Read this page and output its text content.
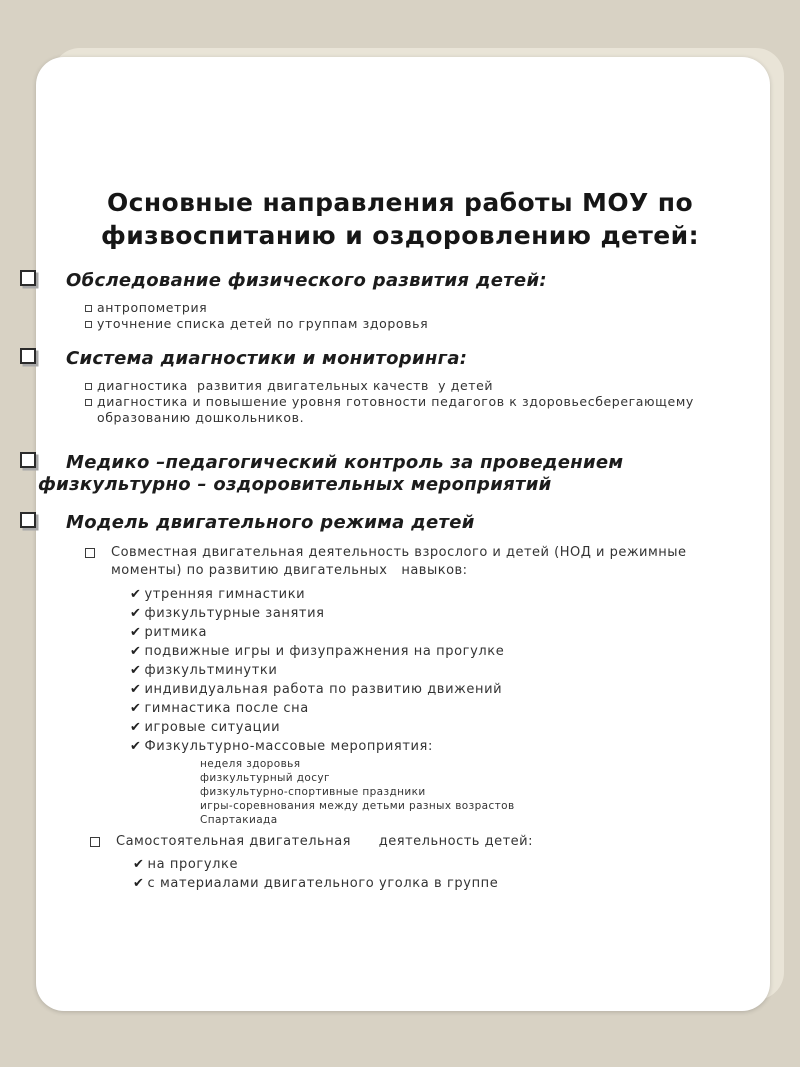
Основные направления работы МОУ по физвоспитанию и оздоровлению детей:
Обследование физического развития детей:
антропометрия
уточнение списка детей по группам здоровья
Система диагностики и мониторинга:
диагностика  развития двигательных качеств  у детей
диагностика и повышение уровня готовности педагогов к здоровьесберегающему образованию дошкольников.
Медико –педагогический контроль за проведением физкультурно – оздоровительных мероприятий
Модель двигательного режима детей
Совместная двигательная деятельность взрослого и детей (НОД и режимные моменты) по развитию двигательных   навыков:
✔ утренняя гимнастики
✔ физкультурные занятия
✔ ритмика
✔ подвижные игры и физупражнения на прогулке
✔ физкультминутки
✔ индивидуальная работа по развитию движений
✔ гимнастика после сна
✔ игровые ситуации
✔ Физкультурно-массовые мероприятия:
неделя здоровья
физкультурный досуг
физкультурно-спортивные праздники
игры-соревнования между детьми разных возрастов
Спартакиада
Самостоятельная двигательная      деятельность детей:
✔ на прогулке
✔ с материалами двигательного уголка в группе
